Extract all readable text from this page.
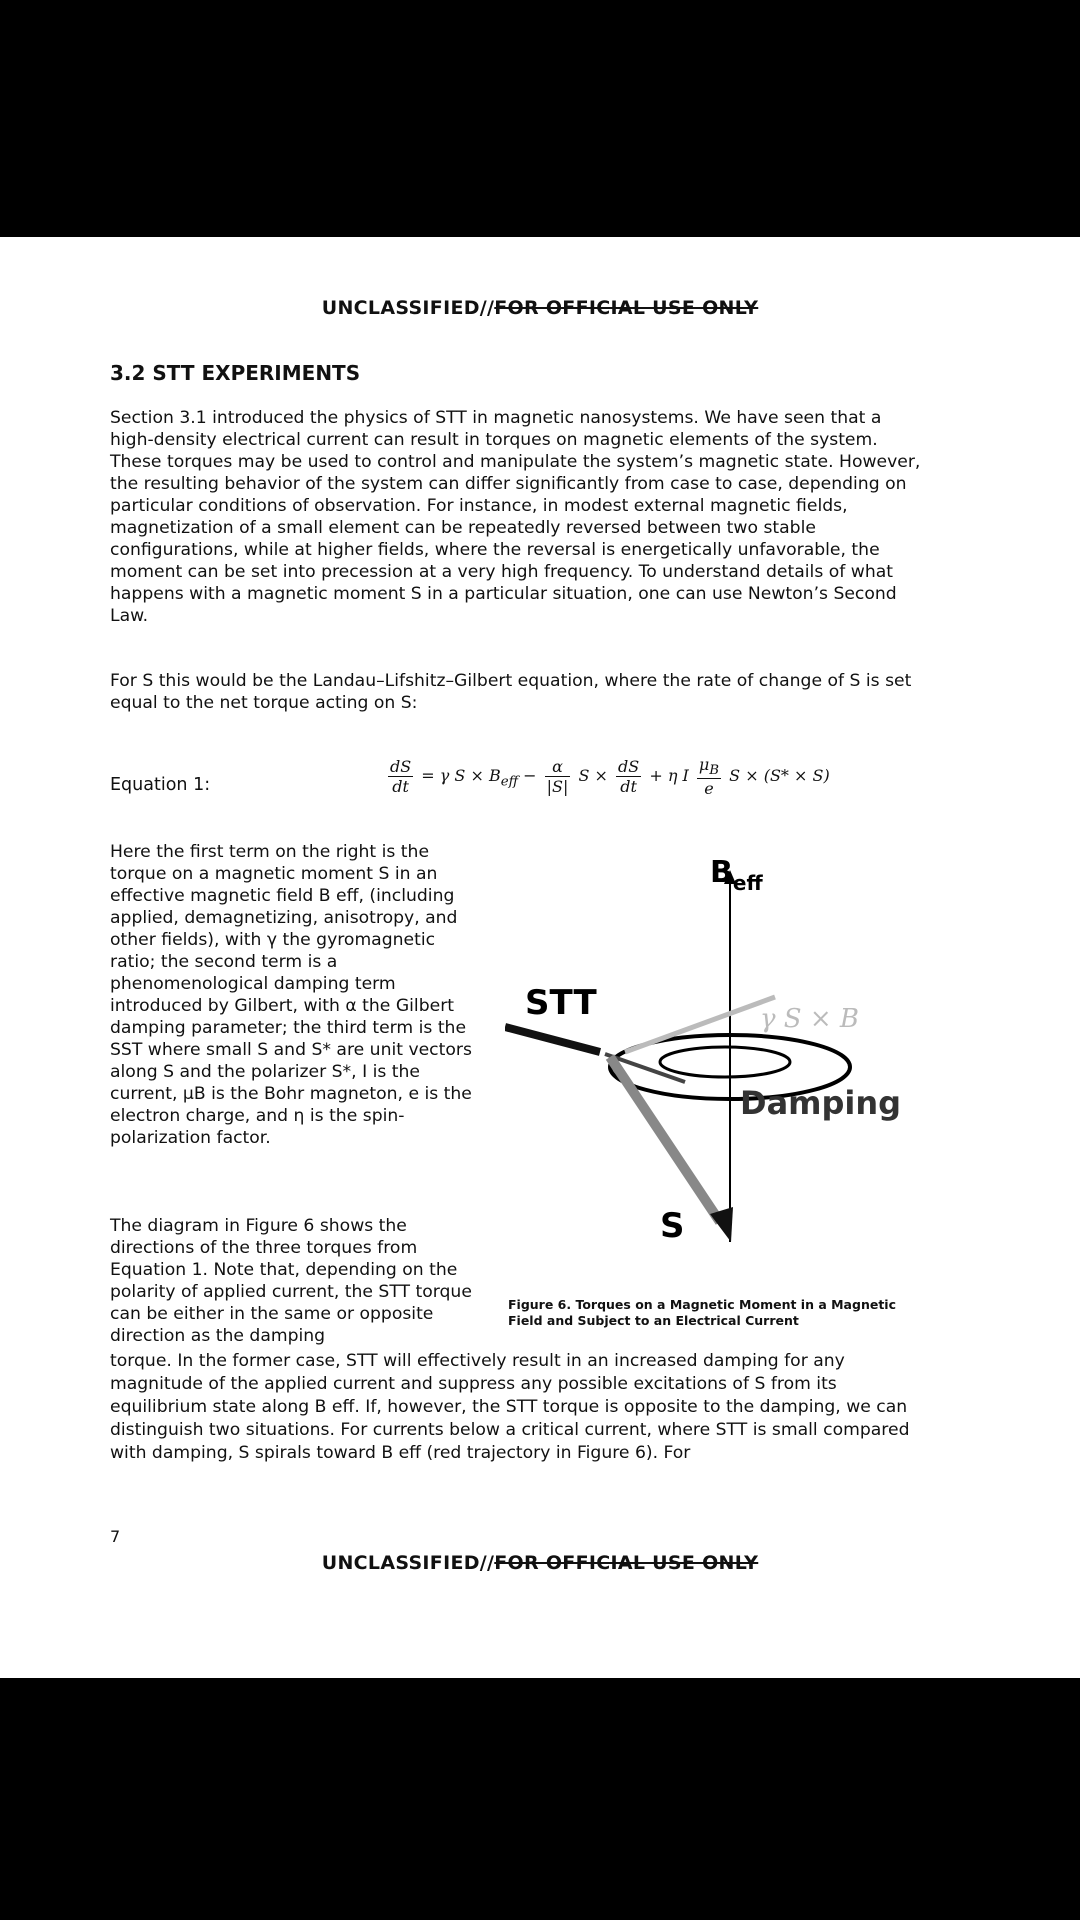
UNCLASSIFIED//FOR OFFICIAL USE ONLY
3.2 STT EXPERIMENTS
Section 3.1 introduced the physics of STT in magnetic nanosystems. We have seen that a high-density electrical current can result in torques on magnetic elements of the system. These torques may be used to control and manipulate the system’s magnetic state. However, the resulting behavior of the system can differ significantly from case to case, depending on particular conditions of observation. For instance, in modest external magnetic fields, magnetization of a small element can be repeatedly reversed between two stable configurations, while at higher fields, where the reversal is energetically unfavorable, the moment can be set into precession at a very high frequency. To understand details of what happens with a magnetic moment S in a particular situation, one can use Newton’s Second Law.
For S this would be the Landau–Lifshitz–Gilbert equation, where the rate of change of S is set equal to the net torque acting on S:
Equation 1:	$\frac{dS}{dt} = \gamma$ $S \times B_{eff} - \frac{\alpha}{|S|}$ $S \times \frac{dS}{dt} + \eta$ I $\frac{\mu_B}{e}$ S × (S* × S)
Here the first term on the right is the torque on a magnetic moment S in an effective magnetic field B eff, (including applied, demagnetizing, anisotropy, and other fields), with γ the gyromagnetic ratio; the second term is a phenomenological damping term introduced by Gilbert, with α the Gilbert damping parameter; the third term is the SST where small S and S* are unit vectors along S and the polarizer S*, I is the current, μB is the Bohr magneton, e is the electron charge, and η is the spin-polarization factor.
The diagram in Figure 6 shows the directions of the three torques from Equation 1. Note that, depending on the polarity of applied current, the STT torque can be either in the same or opposite direction as the damping
$B_{eff}$
STT	γ S × B
Damping
S
Figure 6. Torques on a Magnetic Moment in a Magnetic Field and Subject to an Electrical Current
torque. In the former case, STT will effectively result in an increased damping for any magnitude of the applied current and suppress any possible excitations of S from its equilibrium state along B eff. If, however, the STT torque is opposite to the damping, we can distinguish two situations. For currents below a critical current, where STT is small compared with damping, S spirals toward B eff (red trajectory in Figure 6). For
7
UNCLASSIFIED//FOR OFFICIAL USE ONLY
